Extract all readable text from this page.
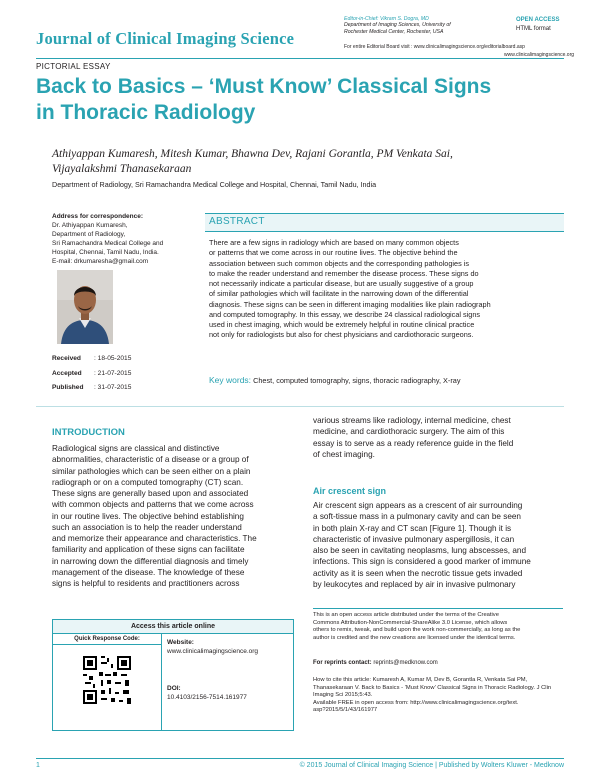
Journal of Clinical Imaging Science
Editor-in-Chief: Vikram S. Dogra, MD
Department of Imaging Sciences, University of
Rochester Medical Center, Rochester, USA
For entire Editorial Board visit : www.clinicalimagingscience.org/editorialboard.asp
www.clinicalimagingscience.org
OPEN ACCESS
HTML format
PICTORIAL ESSAY
Back to Basics – ‘Must Know’ Classical Signs
in Thoracic Radiology
Athiyappan Kumaresh, Mitesh Kumar, Bhawna Dev, Rajani Gorantla, PM Venkata Sai,
Vijayalakshmi Thanasekaraan
Department of Radiology, Sri Ramachandra Medical College and Hospital, Chennai, Tamil Nadu, India
Address for correspondence:
Dr. Athiyappan Kumaresh,
Department of Radiology,
Sri Ramachandra Medical College and
Hospital, Chennai, Tamil Nadu, India.
E-mail: drkumaresha@gmail.com
Received : 18-05-2015
Accepted : 21-07-2015
Published : 31-07-2015
ABSTRACT
There are a few signs in radiology which are based on many common objects
or patterns that we come across in our routine lives. The objective behind the
association between such common objects and the corresponding pathologies is
to make the reader understand and remember the disease process. These signs do
not necessarily indicate a particular disease, but are usually suggestive of a group
of similar pathologies which will facilitate in the narrowing down of the differential
diagnosis. These signs can be seen in different imaging modalities like plain radiograph
and computed tomography. In this essay, we describe 24 classical radiological signs
used in chest imaging, which would be extremely helpful in routine clinical practice
not only for radiologists but also for chest physicians and cardiothoracic surgeons.
Key words: Chest, computed tomography, signs, thoracic radiography, X-ray
INTRODUCTION
Radiological signs are classical and distinctive
abnormalities, characteristic of a disease or a group of
similar pathologies which can be seen either on a plain
radiograph or on a computed tomography (CT) scan.
These signs are generally based upon and associated
with common objects and patterns that we come across
in our routine lives. The objective behind establishing
such an association is to help the reader understand
and memorize their appearance and characteristics. The
familiarity and application of these signs can facilitate
in narrowing down the differential diagnosis and timely
management of the disease. The knowledge of these
signs is helpful to residents and practitioners across
various streams like radiology, internal medicine, chest
medicine, and cardiothoracic surgery. The aim of this
essay is to serve as a ready reference guide in the field
of chest imaging.
Air crescent sign
Air crescent sign appears as a crescent of air surrounding
a soft-tissue mass in a pulmonary cavity and can be seen
in both plain X-ray and CT scan [Figure 1]. Though it is
characteristic of invasive pulmonary aspergillosis, it can
also be seen in cavitating neoplasms, lung abscesses, and
infections. This sign is considered a good marker of immune
activity as it is seen when the necrotic tissue gets invaded
by leukocytes and replaced by air in invasive pulmonary
Access this article online
Quick Response Code:	Website:
www.clinicalimagingscience.org
DOI:
10.4103/2156-7514.161977
This is an open access article distributed under the terms of the Creative
Commons Attribution-NonCommercial-ShareAlike 3.0 License, which allows
others to remix, tweak, and build upon the work non-commercially, as long as the
author is credited and the new creations are licensed under the identical terms.
For reprints contact: reprints@medknow.com
How to cite this article: Kumaresh A, Kumar M, Dev B, Gorantla R, Venkata Sai PM,
Thanasekaraan V. Back to Basics - ‘Must Know’ Classical Signs in Thoracic Radiology. J Clin
Imaging Sci 2015;5:43.
Available FREE in open access from: http://www.clinicalimagingscience.org/text.
asp?2015/5/1/43/161977
1	© 2015 Journal of Clinical Imaging Science | Published by Wolters Kluwer - Medknow
